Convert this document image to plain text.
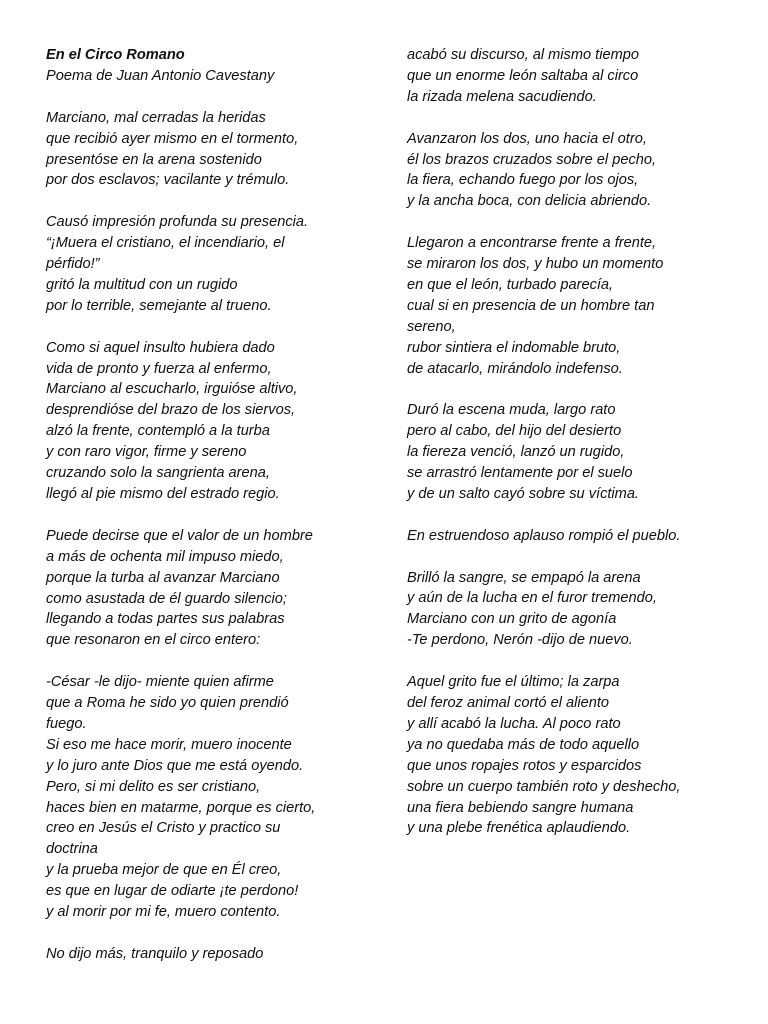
En el Circo Romano
Poema de Juan Antonio Cavestany
Marciano, mal cerradas la heridas
que recibió ayer mismo en el tormento,
presentóse en la arena sostenido
por dos esclavos; vacilante y trémulo.
Causó impresión profunda su presencia.
“¡Muera el cristiano, el incendiario, el
pérfido!”
gritó la multitud con un rugido
por lo terrible, semejante al trueno.
Como si aquel insulto hubiera dado
vida de pronto y fuerza al enfermo,
Marciano al escucharlo, irguióse altivo,
desprendióse del brazo de los siervos,
alzó la frente, contempló a la turba
y con raro vigor, firme y sereno
cruzando solo la sangrienta arena,
llegó al pie mismo del estrado regio.
Puede decirse que el valor de un hombre
a más de ochenta mil impuso miedo,
porque la turba al avanzar Marciano
como asustada de él guardo silencio;
llegando a todas partes sus palabras
que resonaron en el circo entero:
-César -le dijo- miente quien afirme
que a Roma he sido yo quien prendió
fuego.
Si eso me hace morir, muero inocente
y lo juro ante Dios que me está oyendo.
Pero, si mi delito es ser cristiano,
haces bien en matarme, porque es cierto,
creo en Jesús el Cristo y practico su
doctrina
y la prueba mejor de que en Él creo,
es que en lugar de odiarte ¡te perdono!
y al morir por mi fe, muero contento.
No dijo más, tranquilo y reposado
acabó su discurso, al mismo tiempo
que un enorme león saltaba al circo
la rizada melena sacudiendo.
Avanzaron los dos, uno hacia el otro,
él los brazos cruzados sobre el pecho,
la fiera, echando fuego por los ojos,
y la ancha boca, con delicia abriendo.
Llegaron a encontrarse frente a frente,
se miraron los dos, y hubo un momento
en que el león, turbado parecía,
cual si en presencia de un hombre tan
sereno,
rubor sintiera el indomable bruto,
de atacarlo, mirándolo indefenso.
Duró la escena muda, largo rato
pero al cabo, del hijo del desierto
la fiereza venció, lanzó un rugido,
se arrastró lentamente por el suelo
y de un salto cayó sobre su víctima.
En estruendoso aplauso rompió el pueblo.
Brilló la sangre, se empapó la arena
y aún de la lucha en el furor tremendo,
Marciano con un grito de agonía
-Te perdono, Nerón -dijo de nuevo.
Aquel grito fue el último; la zarpa
del feroz animal cortó el aliento
y allí acabó la lucha. Al poco rato
ya no quedaba más de todo aquello
que unos ropajes rotos y esparcidos
sobre un cuerpo también roto y deshecho,
una fiera bebiendo sangre humana
y una plebe frenética aplaudiendo.
